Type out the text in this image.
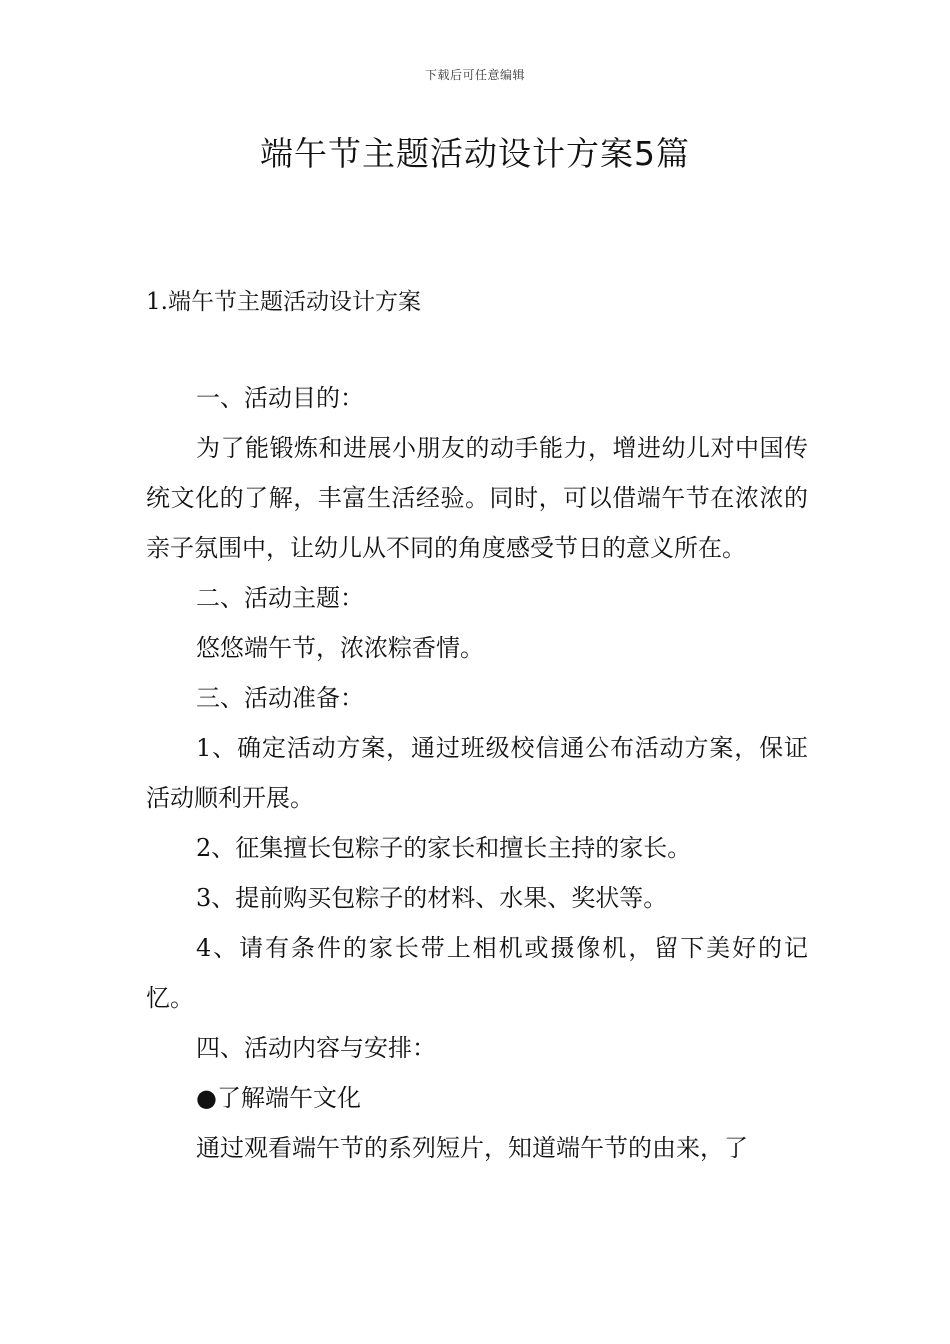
下载后可任意编辑
端午节主题活动设计方案5篇
1.端午节主题活动设计方案

一、活动目的：

为了能锻炼和进展小朋友的动手能力，增进幼儿对中国传统文化的了解，丰富生活经验。同时，可以借端午节在浓浓的亲子氛围中，让幼儿从不同的角度感受节日的意义所在。

二、活动主题：

悠悠端午节，浓浓粽香情。

三、活动准备：

1、确定活动方案，通过班级校信通公布活动方案，保证活动顺利开展。

2、征集擅长包粽子的家长和擅长主持的家长。

3、提前购买包粽子的材料、水果、奖状等。

4、请有条件的家长带上相机或摄像机，留下美好的记忆。

四、活动内容与安排：

●了解端午文化

通过观看端午节的系列短片，知道端午节的由来，了
